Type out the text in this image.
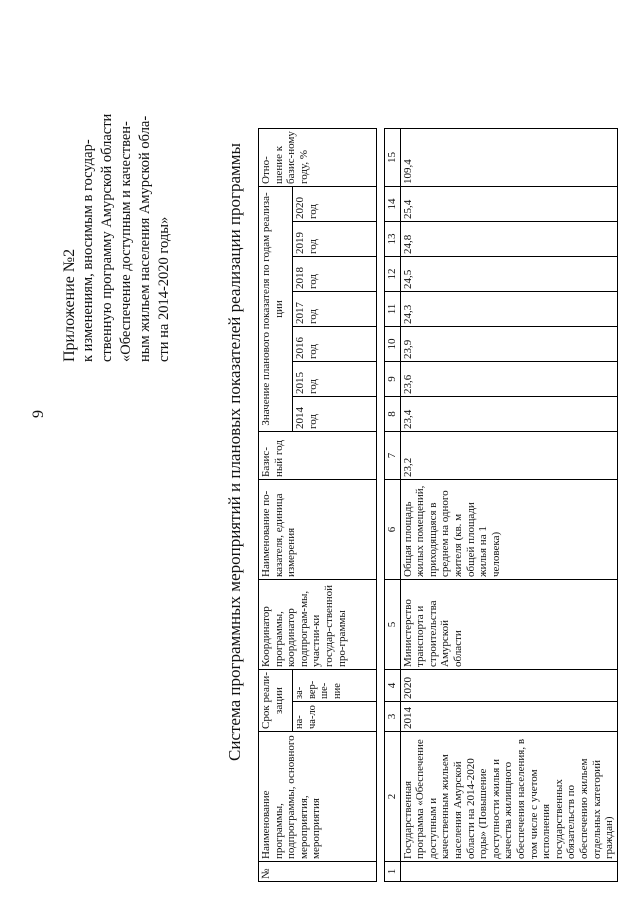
9
Приложение №2 к изменениям, вносимым в государ- ственную программу Амурской области «Обеспечение доступным и качествен- ным жильем населения Амурской обла- сти на 2014-2020 годы»	Система программных мероприятий и плановых показателей реализации программы
№	Наименование программы, подпрограммы, основного мероприятия, мероприятия	Срок реали-зации		Координатор программы, координатор подпрограм-мы, участни-ки государ-ственной про-граммы	Наименование по-казателя, единица измерения	Базис-ный год	Значение планового показателя по годам реализа-ции							Отно-шение к базис-ному году, %
		на-ча-ло	за-вер-ше-ние				2014 год	2015 год	2016 год	2017 год	2018 год	2019 год	2020 год	

1	2	3	4	5	6	7	8	9	10	11	12	13	14	15
	Государственная программа «Обеспечение доступным и качественным жильем населения Амурской области на 2014-2020 годы» (Повышение доступности жилья и качества жилищного обеспечения населения, в том числе с учетом исполнения государственных обязательств по обеспечению жильем отдельных категорий граждан)	2014	2020	Министерство транспорта и строительства Амурской области	Общая площадь жилых помещений, приходящаяся в среднем на одного жителя (кв. м общей площади жилья на 1 человека)	23,2	23,4	23,6	23,9	24,3	24,5	24,8	25,4	109,4
